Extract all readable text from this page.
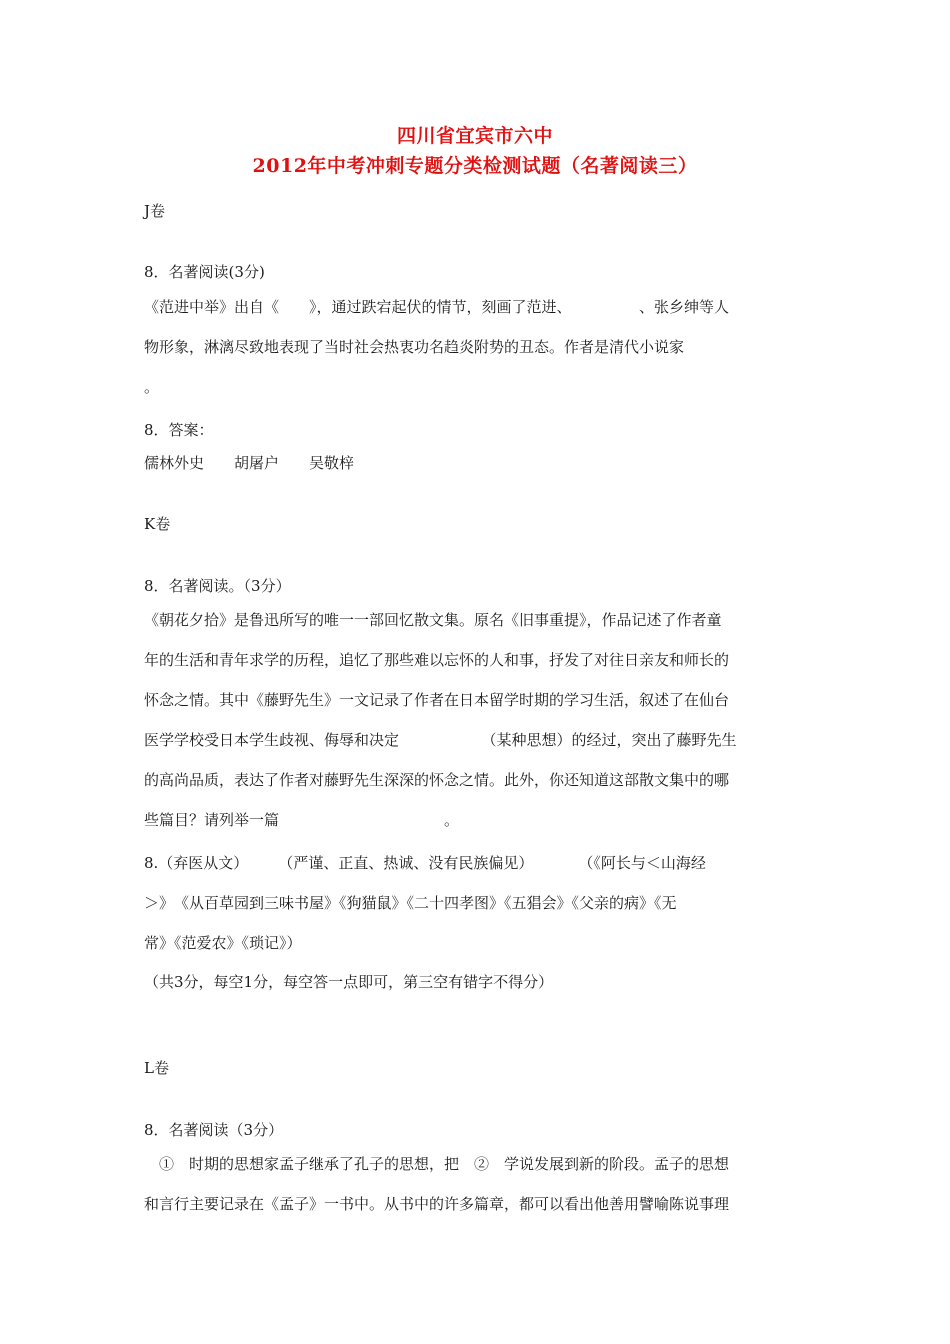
四川省宜宾市六中
2012年中考冲刺专题分类检测试题（名著阅读三）
J卷
8．名著阅读(3分)
《范进中举》出自《　　》，通过跌宕起伏的情节，刻画了范进、　　　　　、张乡绅等人
物形象，淋漓尽致地表现了当时社会热衷功名趋炎附势的丑态。作者是清代小说家
。
8．答案：
儒林外史　　胡屠户　　吴敬梓
K卷
8．名著阅读。（3分）
《朝花夕拾》是鲁迅所写的唯一一部回忆散文集。原名《旧事重提》，作品记述了作者童
年的生活和青年求学的历程，追忆了那些难以忘怀的人和事，抒发了对往日亲友和师长的
怀念之情。其中《藤野先生》一文记录了作者在日本留学时期的学习生活，叙述了在仙台
医学学校受日本学生歧视、侮辱和决定　　　　　　（某种思想）的经过，突出了藤野先生
的高尚品质，表达了作者对藤野先生深深的怀念之情。此外，你还知道这部散文集中的哪
些篇目？请列举一篇　　　　　　　　　　　。
8.（弃医从文）　　　（严谨、正直、热诚、没有民族偏见）　　　　（《阿长与＜山海经
＞》　《从百草园到三味书屋》《狗猫鼠》《二十四孝图》《五猖会》《父亲的病》《无
常》《范爱农》《琐记》）
（共3分，每空1分，每空答一点即可，第三空有错字不得分）
L卷
8．名著阅读（3分）
　①　时期的思想家孟子继承了孔子的思想，把　②　学说发展到新的阶段。孟子的思想
和言行主要记录在《孟子》一书中。从书中的许多篇章，都可以看出他善用譬喻陈说事理
